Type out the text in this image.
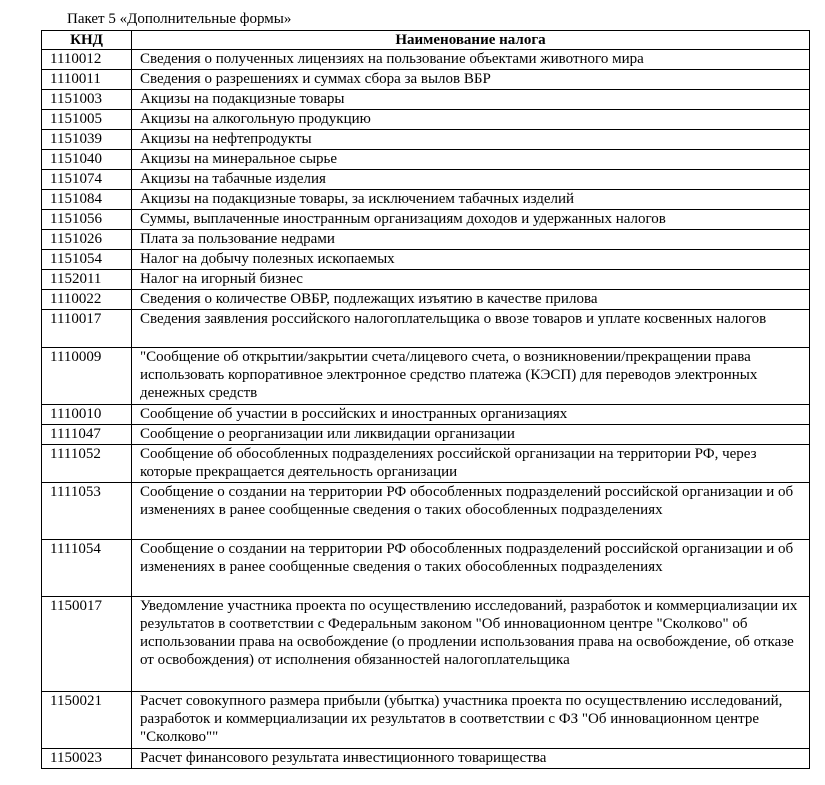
Пакет 5 «Дополнительные формы»
КНД	Наименование налога
1110012	Сведения о полученных лицензиях на пользование объектами животного мира
1110011	Сведения о разрешениях и суммах сбора за вылов ВБР
1151003	Акцизы на подакцизные товары
1151005	Акцизы на алкогольную продукцию
1151039	Акцизы на нефтепродукты
1151040	Акцизы на минеральное сырье
1151074	Акцизы на табачные изделия
1151084	Акцизы на подакцизные товары, за исключением табачных изделий
1151056	Суммы, выплаченные иностранным организациям доходов и удержанных налогов
1151026	Плата за пользование недрами
1151054	Налог на добычу полезных ископаемых
1152011	Налог на игорный бизнес
1110022	Сведения о количестве ОВБР, подлежащих изъятию в качестве прилова
1110017	Сведения заявления российского налогоплательщика о ввозе товаров и уплате косвенных налогов
1110009	"Сообщение об открытии/закрытии счета/лицевого счета, о возникновении/прекращении права использовать корпоративное электронное средство платежа (КЭСП) для переводов электронных денежных средств
1110010	Сообщение об участии в российских и иностранных организациях
1111047	Сообщение о реорганизации или ликвидации организации
1111052	Сообщение об обособленных подразделениях российской организации на территории РФ, через которые прекращается деятельность организации
1111053	Сообщение о создании на территории РФ обособленных подразделений российской организации и об изменениях в ранее сообщенные сведения о таких обособленных подразделениях
1111054	Сообщение о создании на территории РФ обособленных подразделений российской организации и об изменениях в ранее сообщенные сведения о таких обособленных подразделениях
1150017	Уведомление участника проекта по осуществлению исследований, разработок и коммерциализации их результатов в соответствии с Федеральным законом "Об инновационном центре "Сколково" об использовании права на освобождение (о продлении использования права на освобождение, об отказе от освобождения) от исполнения обязанностей налогоплательщика
1150021	Расчет совокупного размера прибыли (убытка) участника проекта по осуществлению исследований, разработок и коммерциализации их результатов в соответствии с ФЗ "Об инновационном центре "Сколково""
1150023	Расчет финансового результата инвестиционного товарищества
